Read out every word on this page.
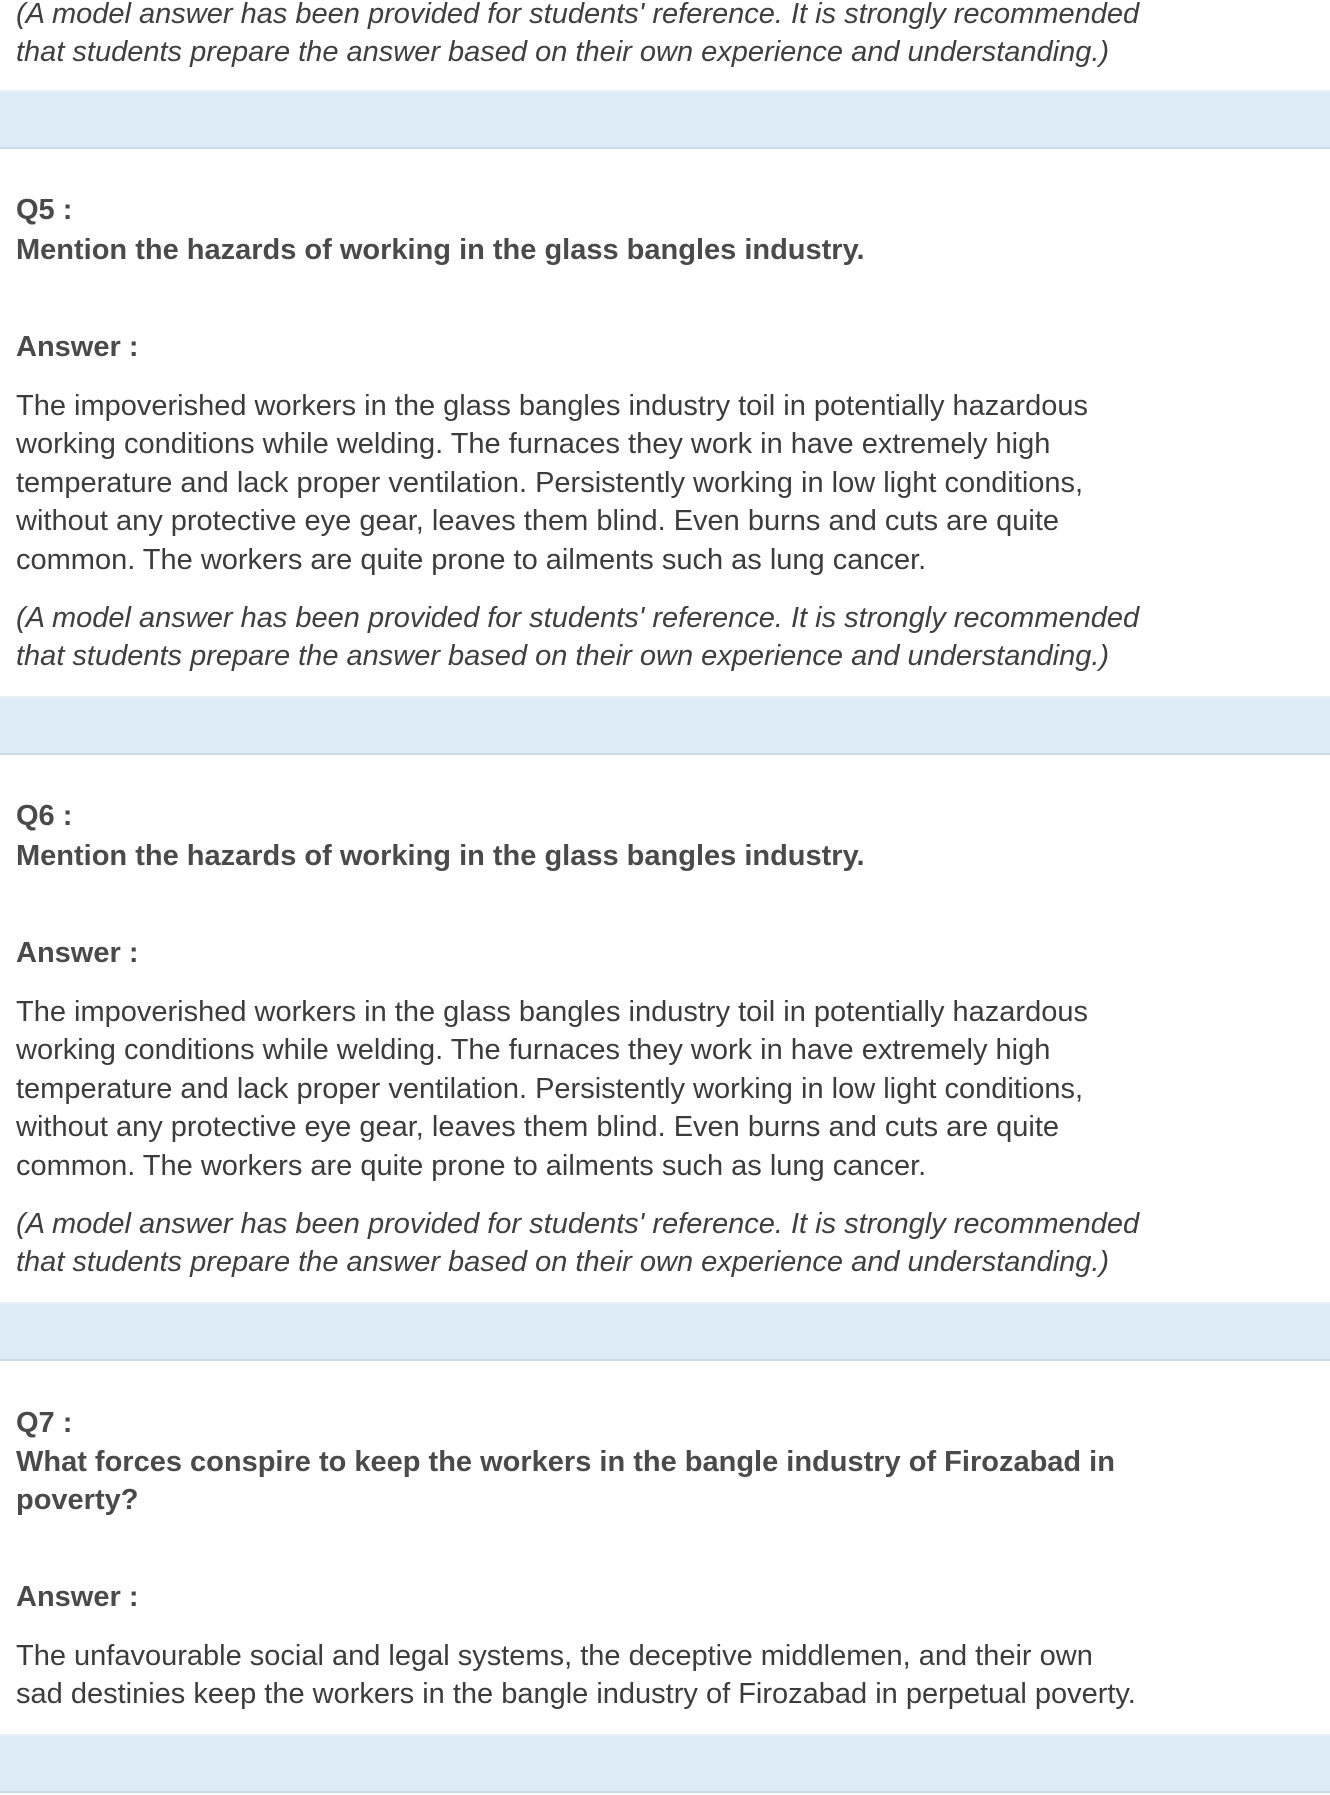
(A model answer has been provided for students' reference. It is strongly recommended
that students prepare the answer based on their own experience and understanding.)
Q5 :
Mention the hazards of working in the glass bangles industry.
Answer :
The impoverished workers in the glass bangles industry toil in potentially hazardous
working conditions while welding. The furnaces they work in have extremely high
temperature and lack proper ventilation. Persistently working in low light conditions,
without any protective eye gear, leaves them blind. Even burns and cuts are quite
common. The workers are quite prone to ailments such as lung cancer.
(A model answer has been provided for students' reference. It is strongly recommended
that students prepare the answer based on their own experience and understanding.)
Q6 :
Mention the hazards of working in the glass bangles industry.
Answer :
The impoverished workers in the glass bangles industry toil in potentially hazardous
working conditions while welding. The furnaces they work in have extremely high
temperature and lack proper ventilation. Persistently working in low light conditions,
without any protective eye gear, leaves them blind. Even burns and cuts are quite
common. The workers are quite prone to ailments such as lung cancer.
(A model answer has been provided for students' reference. It is strongly recommended
that students prepare the answer based on their own experience and understanding.)
Q7 :
What forces conspire to keep the workers in the bangle industry of Firozabad in
poverty?
Answer :
The unfavourable social and legal systems, the deceptive middlemen, and their own
sad destinies keep the workers in the bangle industry of Firozabad in perpetual poverty.
